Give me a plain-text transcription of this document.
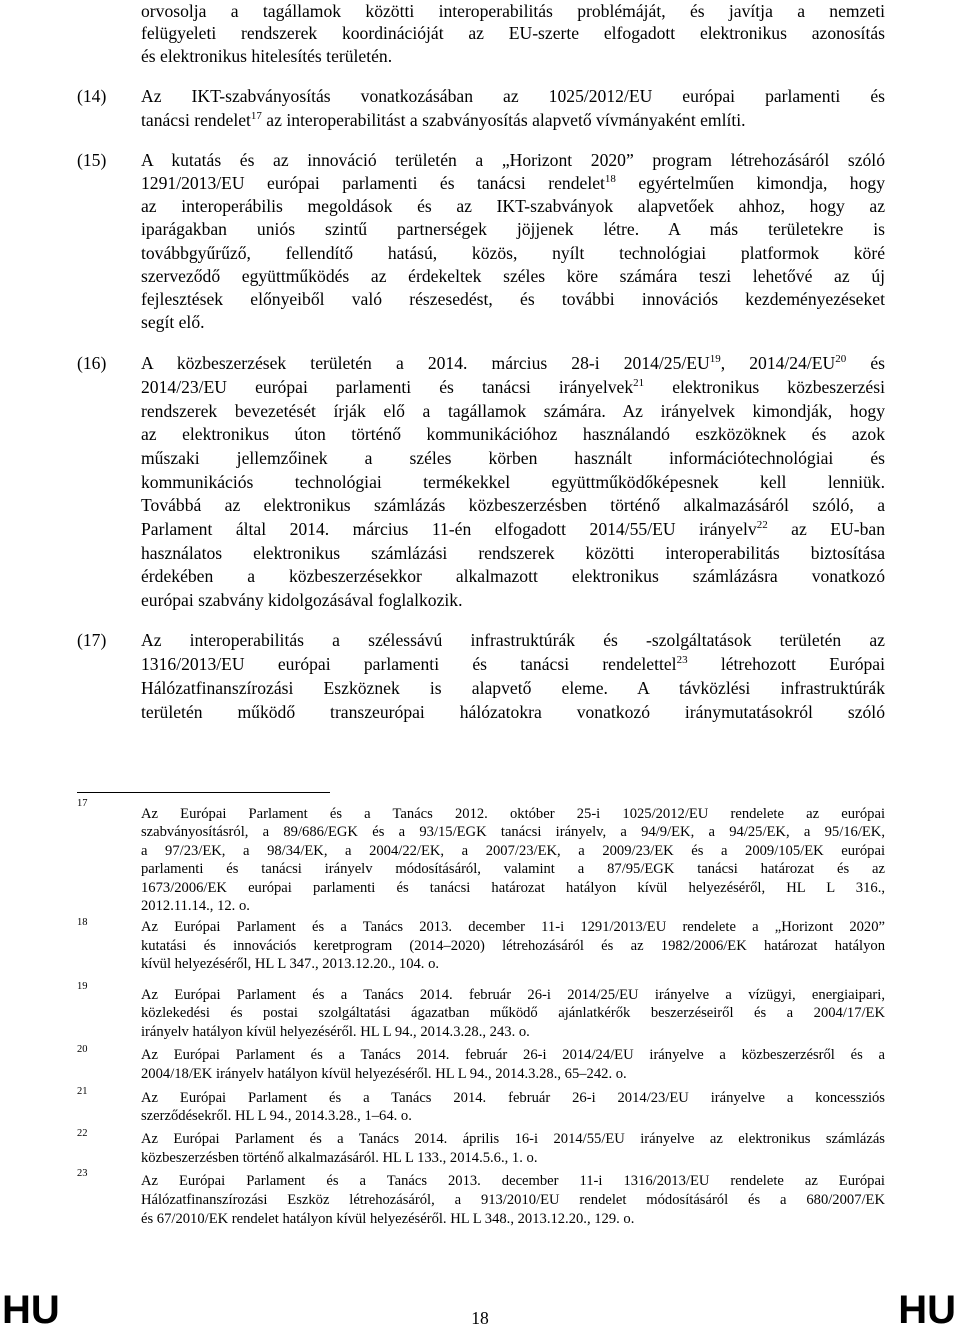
orvosolja a tagállamok közötti interoperabilitás problémáját, és javítja a nemzeti
felügyeleti rendszerek koordinációját az EU-szerte elfogadott elektronikus azonosítás
és elektronikus hitelesítés területén.
(14) Az IKT-szabványosítás vonatkozásában az 1025/2012/EU európai parlamenti és
tanácsi rendelet$^{17}$ az interoperabilitást a szabványosítás alapvető vívmányaként említi.
(15) A kutatás és az innováció területén a „Horizont 2020” program létrehozásáról szóló
1291/2013/EU európai parlamenti és tanácsi rendelet$^{18}$ egyértelműen kimondja, hogy
az interoperábilis megoldások és az IKT-szabványok alapvetőek ahhoz, hogy az
iparágakban uniós szintű partnerségek jöjjenek létre. A más területekre is
továbbgyűrűző, fellendítő hatású, közös, nyílt technológiai platformok köré
szerveződő együttműködés az érdekeltek széles köre számára teszi lehetővé az új
fejlesztések előnyeiből való részesedést, és további innovációs kezdeményezéseket
segít elő.
(16) A közbeszerzések területén a 2014. március 28-i 2014/25/EU$^{19}$, 2014/24/EU$^{20}$ és
2014/23/EU európai parlamenti és tanácsi irányelvek$^{21}$ elektronikus közbeszerzési
rendszerek bevezetését írják elő a tagállamok számára. Az irányelvek kimondják, hogy
az elektronikus úton történő kommunikációhoz használandó eszközöknek és azok
műszaki jellemzőinek a széles körben használt információtechnológiai és
kommunikációs technológiai termékekkel együttműködőképesnek kell lenniük.
Továbbá az elektronikus számlázás közbeszerzésben történő alkalmazásáról szóló, a
Parlament által 2014. március 11-én elfogadott 2014/55/EU irányelv$^{22}$ az EU-ban
használatos elektronikus számlázási rendszerek közötti interoperabilitás biztosítása
érdekében a közbeszerzésekkor alkalmazott elektronikus számlázásra vonatkozó
európai szabvány kidolgozásával foglalkozik.
(17) Az interoperabilitás a szélessávú infrastruktúrák és -szolgáltatások területén az
1316/2013/EU európai parlamenti és tanácsi rendelettel$^{23}$ létrehozott Európai
Hálózatfinanszírozási Eszköznek is alapvető eleme. A távközlési infrastruktúrák
területén működő transzeurópai hálózatokra vonatkozó iránymutatásokról szóló
17
Az Európai Parlament és a Tanács 2012. október 25-i 1025/2012/EU rendelete az európai
szabványosításról, a 89/686/EGK és a 93/15/EGK tanácsi irányelv, a 94/9/EK, a 94/25/EK, a 95/16/EK,
a 97/23/EK, a 98/34/EK, a 2004/22/EK, a 2007/23/EK, a 2009/23/EK és a 2009/105/EK európai
parlamenti és tanácsi irányelv módosításáról, valamint a 87/95/EGK tanácsi határozat és az
1673/2006/EK európai parlamenti és tanácsi határozat hatályon kívül helyezéséről, HL L 316.,
2012.11.14., 12. o.
18	Az Európai Parlament és a Tanács 2013. december 11-i 1291/2013/EU rendelete a „Horizont 2020”
kutatási és innovációs keretprogram (2014–2020) létrehozásáról és az 1982/2006/EK határozat hatályon
kívül helyezéséről, HL L 347., 2013.12.20., 104. o.
19
Az Európai Parlament és a Tanács 2014. február 26-i 2014/25/EU irányelve a vízügyi, energiaipari,
közlekedési és postai szolgáltatási ágazatban működő ajánlatkérők beszerzéseiről és a 2004/17/EK
irányelv hatályon kívül helyezéséről. HL L 94., 2014.3.28., 243. o.
20	Az Európai Parlament és a Tanács 2014. február 26-i 2014/24/EU irányelve a közbeszerzésről és a
2004/18/EK irányelv hatályon kívül helyezéséről. HL L 94., 2014.3.28., 65–242. o.
21	Az Európai Parlament és a Tanács 2014. február 26-i 2014/23/EU irányelve a koncessziós
szerződésekről. HL L 94., 2014.3.28., 1–64. o.
22	Az Európai Parlament és a Tanács 2014. április 16-i 2014/55/EU irányelve az elektronikus számlázás
közbeszerzésben történő alkalmazásáról. HL L 133., 2014.5.6., 1. o.
23	Az Európai Parlament és a Tanács 2013. december 11-i 1316/2013/EU rendelete az Európai
Hálózatfinanszírozási Eszköz létrehozásáról, a 913/2010/EU rendelet módosításáról és a 680/2007/EK
és 67/2010/EK rendelet hatályon kívül helyezéséről. HL L 348., 2013.12.20., 129. o.
HU	18	HU
